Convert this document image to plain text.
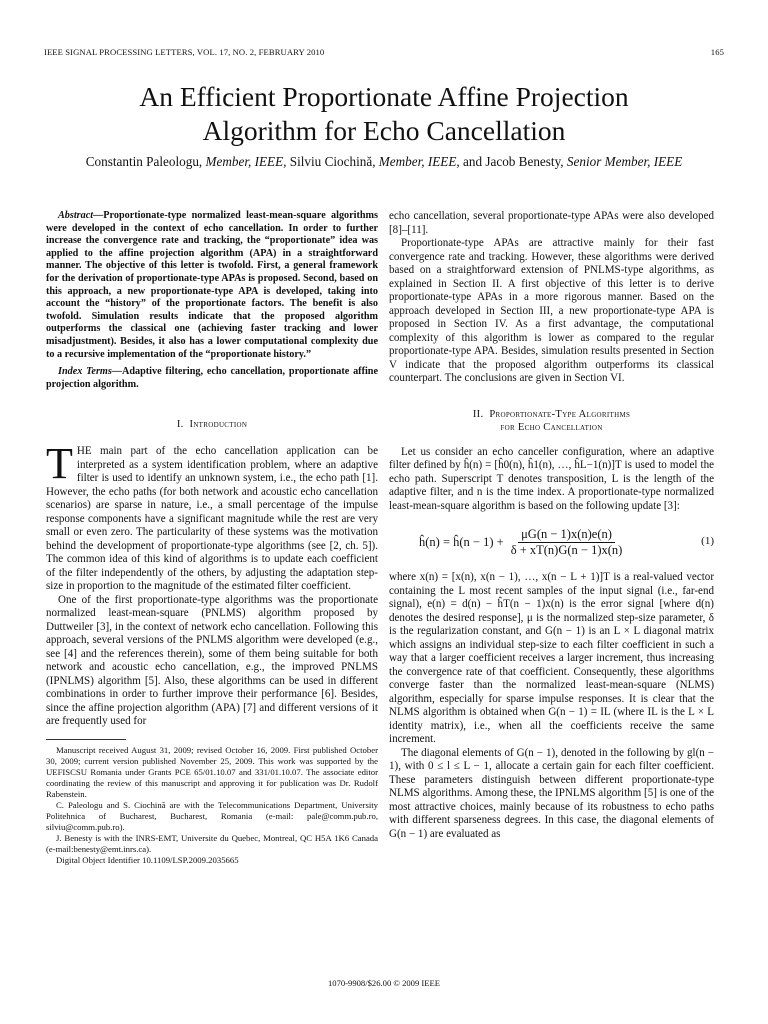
IEEE SIGNAL PROCESSING LETTERS, VOL. 17, NO. 2, FEBRUARY 2010	165
An Efficient Proportionate Affine Projection
Algorithm for Echo Cancellation
Constantin Paleologu, Member, IEEE, Silviu Ciochină, Member, IEEE, and Jacob Benesty, Senior Member, IEEE

Abstract—Proportionate-type normalized least-mean-square algorithms were developed in the context of echo cancellation. In order to further increase the convergence rate and tracking, the “proportionate” idea was applied to the affine projection algorithm (APA) in a straightforward manner. The objective of this letter is twofold. First, a general framework for the derivation of proportionate-type APAs is proposed. Second, based on this approach, a new proportionate-type APA is developed, taking into account the “history” of the proportionate factors. The benefit is also twofold. Simulation results indicate that the proposed algorithm outperforms the classical one (achieving faster tracking and lower misadjustment). Besides, it also has a lower computational complexity due to a recursive implementation of the “proportionate history.”

Index Terms—Adaptive filtering, echo cancellation, proportionate affine projection algorithm.

I. Introduction

THE main part of the echo cancellation application can be interpreted as a system identification problem, where an adaptive filter is used to identify an unknown system, i.e., the echo path [1]. However, the echo paths (for both network and acoustic echo cancellation scenarios) are sparse in nature, i.e., a small percentage of the impulse response components have a significant magnitude while the rest are very small or even zero. The particularity of these systems was the motivation behind the development of proportionate-type algorithms (see [2, ch. 5]). The common idea of this kind of algorithms is to update each coefficient of the filter independently of the others, by adjusting the adaptation step-size in proportion to the magnitude of the estimated filter coefficient.

One of the first proportionate-type algorithms was the proportionate normalized least-mean-square (PNLMS) algorithm proposed by Duttweiler [3], in the context of network echo cancellation. Following this approach, several versions of the PNLMS algorithm were developed (e.g., see [4] and the references therein), some of them being suitable for both network and acoustic echo cancellation, e.g., the improved PNLMS (IPNLMS) algorithm [5]. Also, these algorithms can be used in different combinations in order to further improve their performance [6]. Besides, since the affine projection algorithm (APA) [7] and different versions of it are frequently used for

Manuscript received August 31, 2009; revised October 16, 2009. First published October 30, 2009; current version published November 25, 2009. This work was supported by the UEFISCSU Romania under Grants PCE 65/01.10.07 and 331/01.10.07. The associate editor coordinating the review of this manuscript and approving it for publication was Dr. Rudolf Rabenstein.

C. Paleologu and S. Ciochină are with the Telecommunications Department, University Politehnica of Bucharest, Bucharest, Romania (e-mail: pale@comm.pub.ro, silviu@comm.pub.ro).

J. Benesty is with the INRS-EMT, Universite du Quebec, Montreal, QC H5A 1K6 Canada (e-mail:benesty@emt.inrs.ca).

Digital Object Identifier 10.1109/LSP.2009.2035665

echo cancellation, several proportionate-type APAs were also developed [8]–[11].

Proportionate-type APAs are attractive mainly for their fast convergence rate and tracking. However, these algorithms were derived based on a straightforward extension of PNLMS-type algorithms, as explained in Section II. A first objective of this letter is to derive proportionate-type APAs in a more rigorous manner. Based on the approach developed in Section III, a new proportionate-type APA is proposed in Section IV. As a first advantage, the computational complexity of this algorithm is lower as compared to the regular proportionate-type APA. Besides, simulation results presented in Section V indicate that the proposed algorithm outperforms its classical counterpart. The conclusions are given in Section VI.

II. Proportionate-Type Algorithms
for Echo Cancellation

Let us consider an echo canceller configuration, where an adaptive filter defined by ĥ(n) = [ĥ0(n), ĥ1(n), …, ĥL−1(n)]T is used to model the echo path. Superscript T denotes transposition, L is the length of the adaptive filter, and n is the time index. A proportionate-type normalized least-mean-square algorithm is based on the following update [3]:

ĥ(n) = ĥ(n − $1) + \frac{\mu G(n - 1)x(n)e(n)}{\delta + xT(n)G(n - 1)x(n)}$	(1)

where x(n) = [x(n), x(n − 1), …, x(n − L + 1)]T is a real-valued vector containing the L most recent samples of the input signal (i.e., far-end signal), e(n) = d(n) − ĥT(n − 1)x(n) is the error signal [where d(n) denotes the desired response], μ is the normalized step-size parameter, δ is the regularization constant, and G(n − 1) is an L × L diagonal matrix which assigns an individual step-size to each filter coefficient in such a way that a larger coefficient receives a larger increment, thus increasing the convergence rate of that coefficient. Consequently, these algorithms converge faster than the normalized least-mean-square (NLMS) algorithm, especially for sparse impulse responses. It is clear that the NLMS algorithm is obtained when G(n − 1) = IL (where IL is the L × L identity matrix), i.e., when all the coefficients receive the same increment.

The diagonal elements of G(n − 1), denoted in the following by gl(n − 1), with 0 ≤ l ≤ L − 1, allocate a certain gain for each filter coefficient. These parameters distinguish between different proportionate-type NLMS algorithms. Among these, the IPNLMS algorithm [5] is one of the most attractive choices, mainly because of its robustness to echo paths with different sparseness degrees. In this case, the diagonal elements of G(n − 1) are evaluated as

1070-9908/$26.00 © 2009 IEEE
